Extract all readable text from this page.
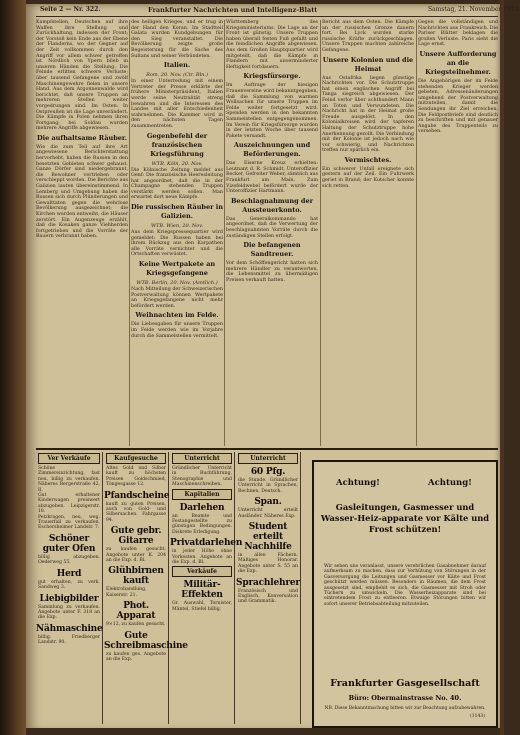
Seite 2 — Nr. 322.	Frankfurter Nachrichten und Intelligenz-Blatt	Samstag, 21. November 1914.
Kampfstellen, Deutschen auf ihre Waffen ihre Stellung und Zurückhaltung, indessen der Front; der Vorstoß kein Ende aus der Ebene der Flanderns, wo der Gegner auf der Zeit vollkommen durch den Angriff vor allem schwer getroffen ist. Nördlich von Ypern blieb in unseren Händen die Stellung. Die Feinde erlitten schwere Verluste; über tausend Gefangene und zwölf Maschinengewehre fielen in unsere Hand. Aus dem Argonnenwalde wird berichtet, daß unsere Truppen an mehreren Stellen weiter vorgedrungen sind. Im Osten: In Ostpreußen ist die Lage unverändert. Die Kämpfe in Polen nehmen ihren Fortgang; bei Soldau wurden mehrere Angriffe abgewiesen.
Die aufhaltsame Räuber.
Wie die zum Teil auf ihre Art angewiesene Berichterstattung hervorhebt, haben die Russen in den besetzten Gebieten schwer gehaust. Ganze Dörfer sind niedergebrannt, die Bewohner vertrieben oder verschleppt worden. Die Berichte aus Galizien lauten übereinstimmend. In Lemberg und Umgebung haben die Russen sich durch Plünderungen und Gewalttaten gegen die wehrlose Bevölkerung ausgezeichnet; die Kirchen wurden entweiht, die Häuser zerstört. Ein Augenzeuge erzählt, daß die Kosaken ganze Viehherden fortgetrieben und die Vorräte der Bauern verbrannt haben.
des heiligen Krieges, und er trug in der Hand den Koran. Im Stadtteil Galata wurden Kundgebungen für den Sieg veranstaltet. Die Bevölkerung zeigte große Begeisterung für die Sache des Sultans und seiner Verbündeten.
Italien.
Rom, 20. Nov. (Ctr. Bln.)
In einer Unterredung mit einem Vertreter der Presse erklärte der frühere Ministerpräsident, Italien werde seine Neutralität streng bewahren und die Interessen des Landes mit aller Entschiedenheit wahrnehmen. Die Kammer wird in den nächsten Tagen zusammentreten.
Gegenbefehl der französischen Kriegsführung
WTB. Köln, 20. Nov.
Die Kölnische Zeitung meldet aus Genf: Die französische Heeresleitung hat angeordnet, daß die in der Champagne stehenden Truppen verstärkt werden sollen. Man erwartet dort neue Kämpfe.
Die russischen Räuber in Galizien.
WTB. Wien, 20. Nov.
Aus dem Kriegspressequartier wird gemeldet: Die Russen haben bei ihrem Rückzug aus den Karpathen alle Vorräte vernichtet und die Ortschaften verwüstet.
Keine Wertpakete an Kriegsgefangene
WTB. Berlin, 20. Nov. (Amtlich.)
Nach Mitteilung der Schweizerischen Postverwaltung können Wertpakete an Kriegsgefangene nicht mehr befördert werden.
Weihnachten im Felde.
Die Liebesgaben für unsere Truppen im Felde werden wie im Vorjahre durch die Sammelstellen vermittelt.
Württemberg des Kriegsministeriums. Die Lage an der Front ist günstig. Unsere Truppen haben überall festen Fuß gefaßt und die feindlichen Angriffe abgewiesen. Aus dem Großen Hauptquartier wird mitgeteilt, daß die Kämpfe in Flandern mit unverminderter Heftigkeit fortdauern.
Kriegsfürsorge.
Im Auftrage der hiesigen Frauenvereine wird bekanntgegeben, daß die Sammlung von warmen Wollsachen für unsere Truppen im Felde weiter fortgesetzt wird. Spenden werden in den bekannten Sammelstellen entgegengenommen. Im Verein für Kriegsfürsorge wurden in der letzten Woche über tausend Pakete versandt.
Auszeichnungen und Beförderungen.
Das Eiserne Kreuz erhielten: Leutnant d. R. Schmidt, Unteroffizier Becker, Gefreiter Weber, sämtlich aus Frankfurt am Main. Zum Vizefeldwebel befördert wurde der Unteroffizier Hartmann.
Beschlagnahmung der Aussteuerkonto.
Das Generalkommando hat angeordnet, daß die Verwertung der beschlagnahmten Vorräte durch die zuständigen Stellen erfolgt.
Die befangenen Sandtreuer.
Vor dem Schöffengericht hatten sich mehrere Händler zu verantworten, die Lebensmittel zu übermäßigen Preisen verkauft hatten.
Bericht aus dem Osten. Die Kämpfe an der russischen Grenze dauern fort. Bei Lyck wurden starke russische Kräfte zurückgeschlagen. Unsere Truppen machten zahlreiche Gefangene.
Unsere Kolonien und die Heimat
Aus Ostafrika liegen günstige Nachrichten vor. Die Schutztruppe hat einen englischen Angriff bei Tanga siegreich abgewiesen. Der Feind verlor über achthundert Mann an Toten und Verwundeten. Die Nachricht hat in der Heimat große Freude ausgelöst. In den Kolonialkreisen wird der tapferen Haltung der Schutztruppe hohe Anerkennung gezollt. Die Verbindung mit der Kolonie ist jedoch nach wie vor schwierig, und Nachrichten treffen nur spärlich ein.
Vermischtes.
Ein schwerer Unfall ereignete sich gestern auf der Zeil. Ein Fuhrwerk geriet in Brand; der Kutscher konnte sich retten.
Gegen die vollständigen und Nachrichten aus Frankreich. Die Pariser Blätter beklagen die großen Verluste. Paris sieht die Lage ernst.
Unsere Aufforderung an die Kriegsteilnehmer.
Die Angehörigen der im Felde stehenden Krieger werden gebeten, Adressenänderungen umgehend der Postverwaltung mitzuteilen, damit die Sendungen ihr Ziel erreichen. Die Feldpostbriefe sind deutlich zu beschriften und mit genauer Angabe des Truppenteils zu versehen.
Ver Verkäufe
Schöne Zimmereinrichtung, fast neu, billig zu verkaufen. Näheres Bergerstraße 42, II.
Gut erhaltener Kinderwagen preiswert abzugeben. Leipzigerstr. 18.
Pelzkragen, neu, weg. Trauerfall zu verkaufen. Eschersheimer Landstr. 7.
Schöner guter Ofen
billig abzugeben. Oederweg 55.
Herd
gut erhalten, zu verk. Sandweg 3.
Liebigbilder
Sammlung zu verkaufen. Angebote unter F. 318 an die Exp.
Nähmaschine
billig. Friedberger Landstr. 90.
Kaufgesuche
Altes Gold und Silber kauft zu höchsten Preisen Goldschmied, Töngesgasse 12.
Pfandscheine
kauft zu guten Preisen, auch von Gold- und Silbersachen. Fahrgasse 94.
Gute gebr. Gitarre
zu kaufen gesucht. Angebote unter K. 204 an die Exp. d. Bl.
Glühbirnen kauft
Elektrohandlung, Kaiserstr. 21.
Phot. Apparat
9×12, zu kaufen gesucht.
Gute Schreibmaschine
zu kaufen ges. Angebote an die Exp.
Unterricht
Gründlicher Unterricht in Buchführung, Stenographie und Maschinenschreiben.
Kapitalien
Darlehen
an Beamte und Festangestellte zu günstigen Bedingungen. Diskrete Erledigung.
Privatdarlehen
in jeder Höhe ohne Vorkosten. Angebote an die Exp. d. Bl.
Verkäufe
Militär-Effekten
Gr. Auswahl, Tornister, Mäntel, Stiefel billig.
Unterricht
60 Pfg.
die Stunde. Gründlicher Unterricht in Sprachen, Rechnen, Deutsch.
Span.
Unterricht erteilt Ausländer. Näheres Exp.
Student erteilt Nachhilfe
in allen Fächern. Mäßiges Honorar. Angebote unter S. 55 an die Exp.
Sprachlehrer
Französisch und Englisch, Konversation und Grammatik.
Achtung!	Achtung!
Gasleitungen, Gasmesser und Wasser-Heiz-apparate vor Kälte und Frost schützen!
Wir sehen uns veranlasst, unsere verehrlichen Gasabnehmer darauf aufmerksam zu machen, dass zur Verhütung von Störungen in der Gasversorgung die Leitungen und Gasmesser vor Kälte und Frost geschützt werden müssen. Besonders in Räumen, die dem Frost ausgesetzt sind, empfiehlt es sich, die Gasmesser mit Stroh oder Tüchern zu umwickeln. Die Wasserheizapparate sind bei eintretendem Frost zu entleeren. Etwaige Störungen bitten wir sofort unserer Betriebsabteilung mitzuteilen.
Frankfurter Gasgesellschaft
Büro: Obermainstrasse No. 40.
NB. Diese Bekanntmachung bitten wir zur Beachtung aufzubewahren.
(1143)
